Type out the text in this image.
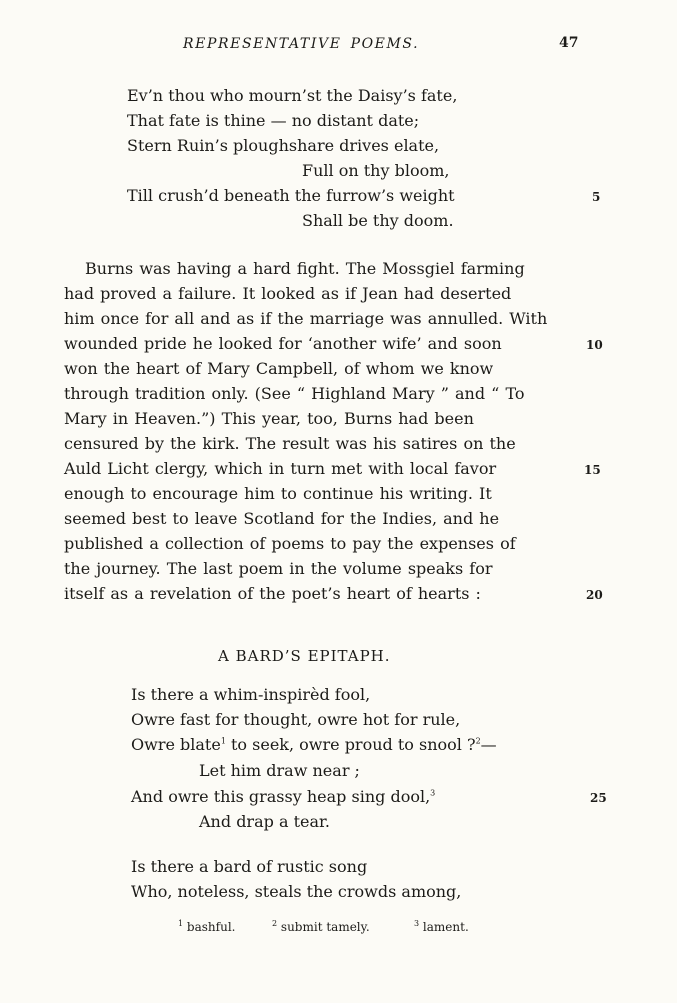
REPRESENTATIVE POEMS.	47
Ev’n thou who mourn’st the Daisy’s fate,
That fate is thine — no distant date;
Stern Ruin’s ploughshare drives elate,
Full on thy bloom,
Till crush’d beneath the furrow’s weight	5
Shall be thy doom.
Burns was having a hard fight. The Mossgiel farming
had proved a failure. It looked as if Jean had deserted
him once for all and as if the marriage was annulled. With
wounded pride he looked for ‘another wife’ and soon	10
won the heart of Mary Campbell, of whom we know
through tradition only. (See “ Highland Mary ” and “ To
Mary in Heaven.”) This year, too, Burns had been
censured by the kirk. The result was his satires on the
Auld Licht clergy, which in turn met with local favor	15
enough to encourage him to continue his writing. It
seemed best to leave Scotland for the Indies, and he
published a collection of poems to pay the expenses of
the journey. The last poem in the volume speaks for
itself as a revelation of the poet’s heart of hearts :	20
A BARD’S EPITAPH.
Is there a whim-inspirèd fool,
Owre fast for thought, owre hot for rule,
Owre blate$^1$ to seek, owre proud to snool ?$^2$—
Let him draw near ;
And owre this grassy heap sing dool,$^3$	25
And drap a tear.
Is there a bard of rustic song
Who, noteless, steals the crowds among,
$^1$ bashful.	$^2$ submit tamely.	$^3$ lament.
